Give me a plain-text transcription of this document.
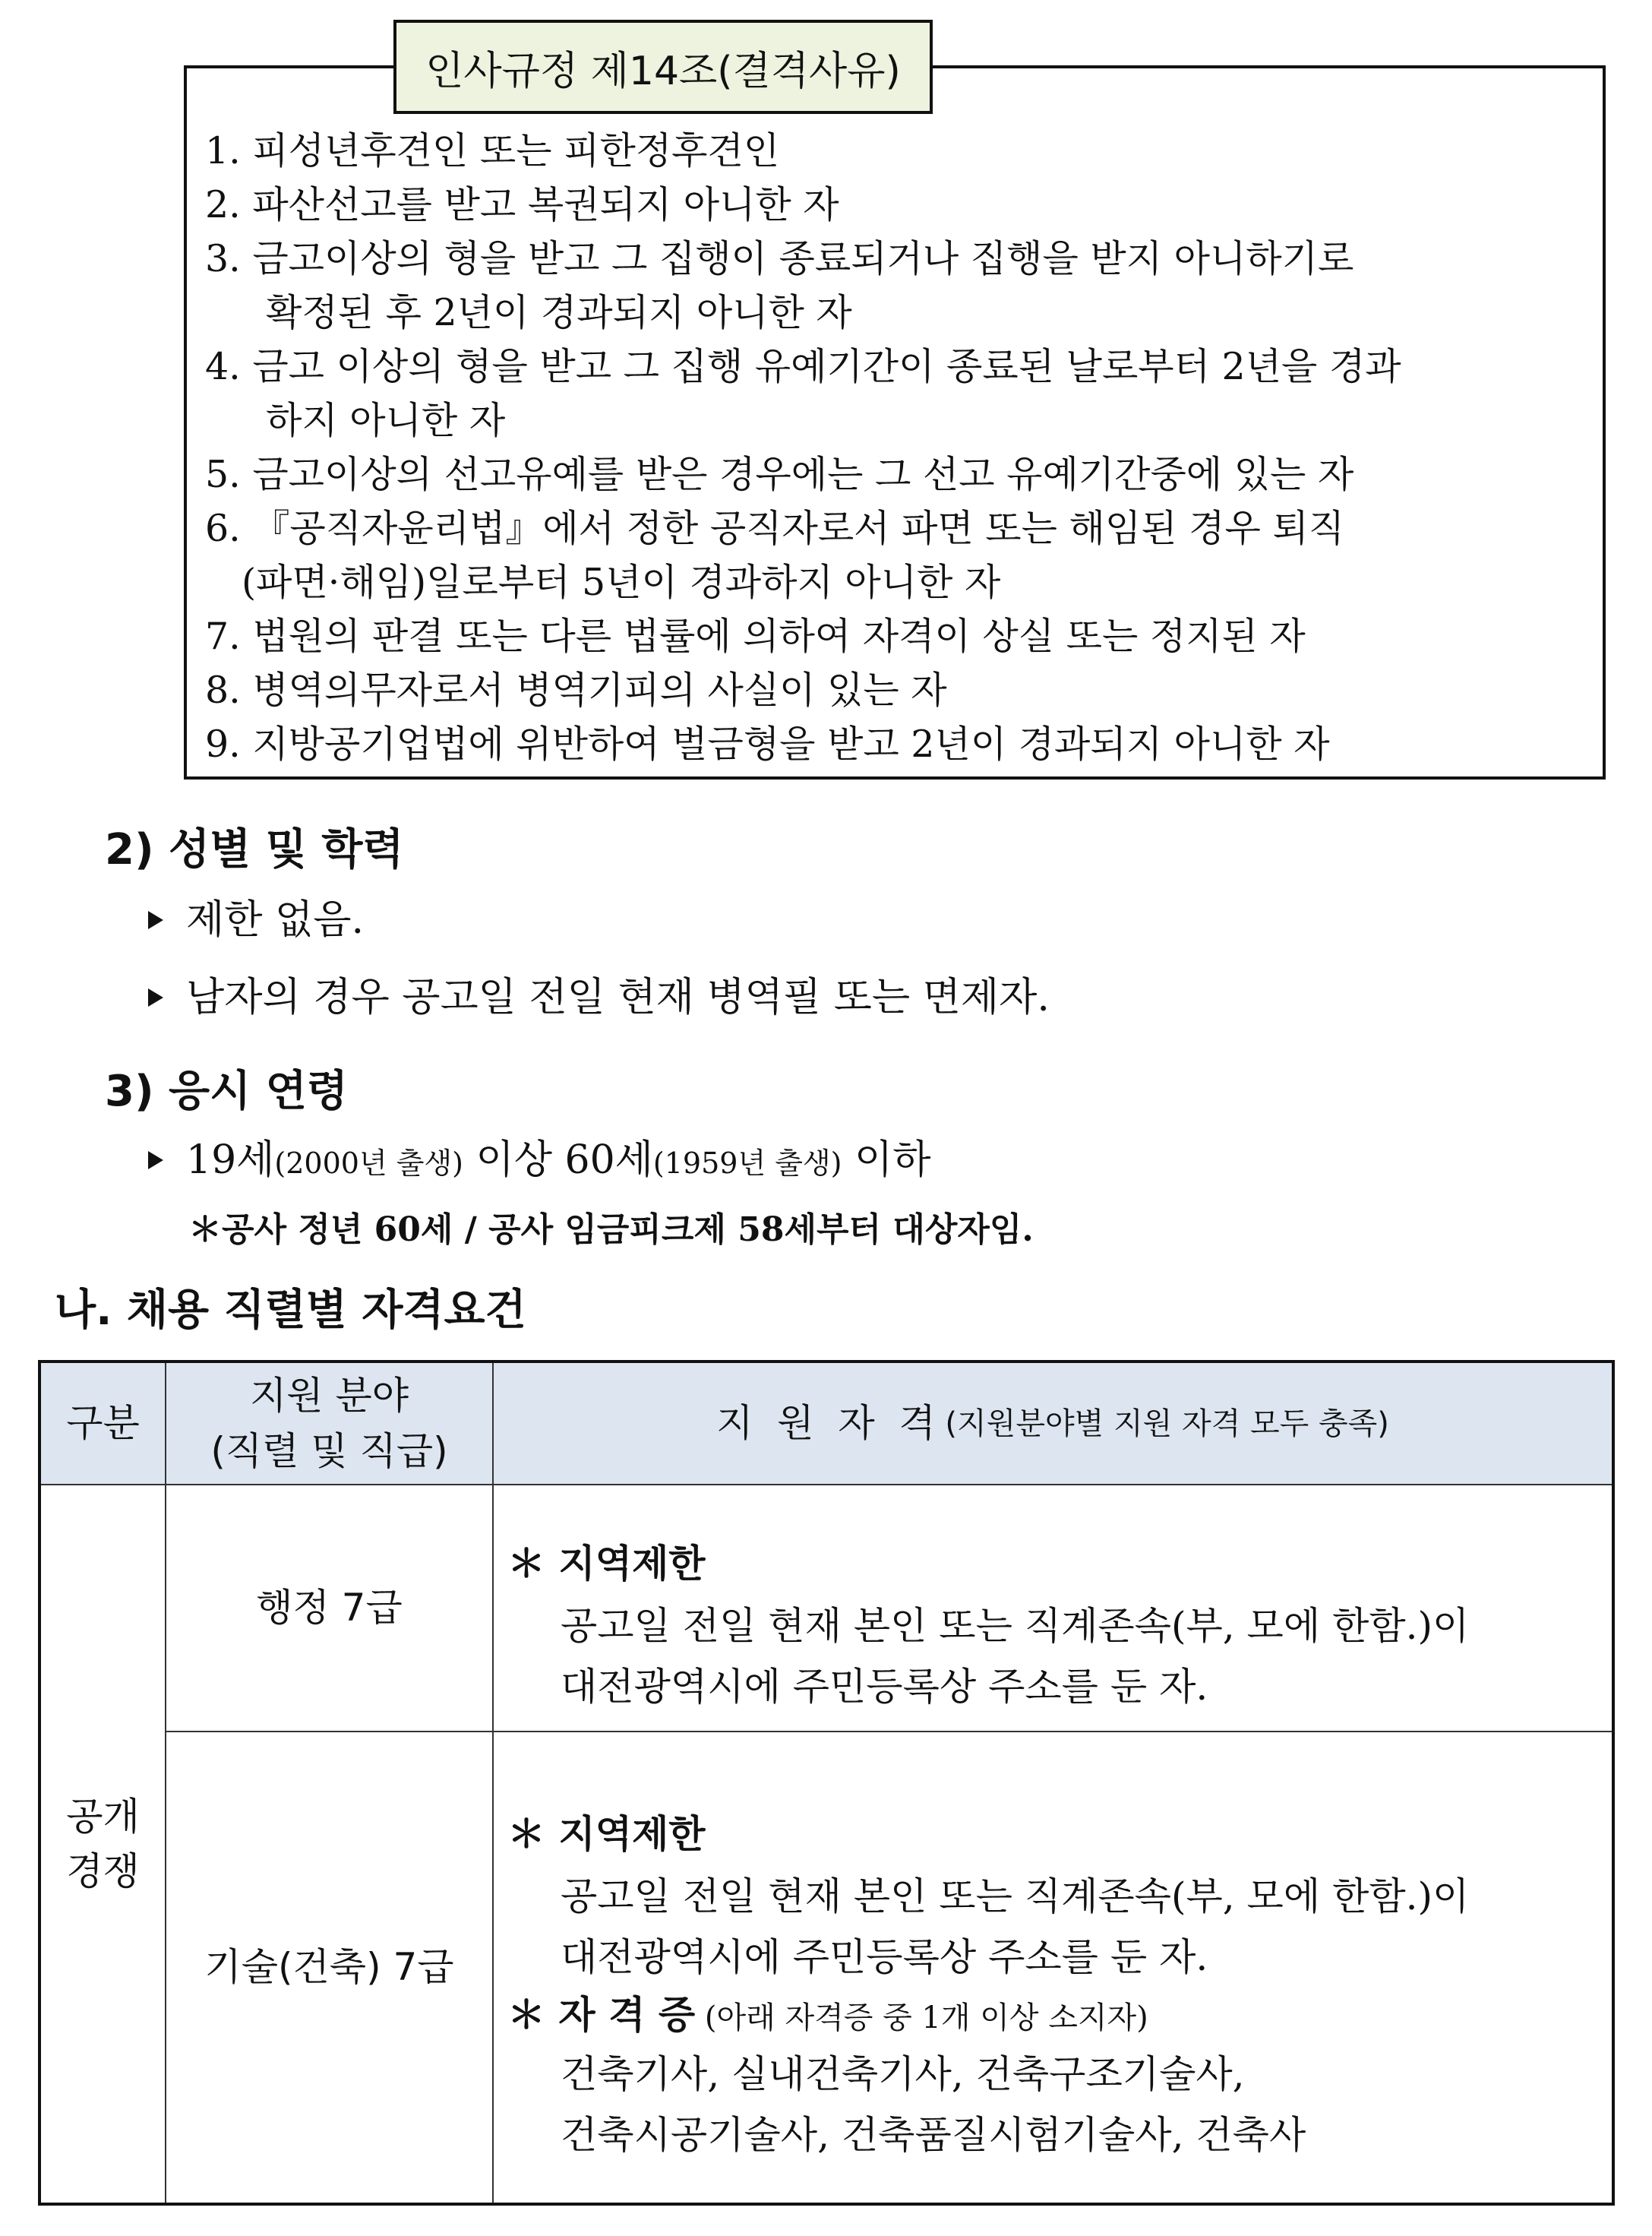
인사규정 제14조(결격사유)
1. 피성년후견인 또는 피한정후견인
2. 파산선고를 받고 복권되지 아니한 자
3. 금고이상의 형을 받고 그 집행이 종료되거나 집행을 받지 아니하기로
확정된 후 2년이 경과되지 아니한 자
4. 금고 이상의 형을 받고 그 집행 유예기간이 종료된 날로부터 2년을 경과
하지 아니한 자
5. 금고이상의 선고유예를 받은 경우에는 그 선고 유예기간중에 있는 자
6. 『공직자윤리법』에서 정한 공직자로서 파면 또는 해임된 경우 퇴직
(파면·해임)일로부터 5년이 경과하지 아니한 자
7. 법원의 판결 또는 다른 법률에 의하여 자격이 상실 또는 정지된 자
8. 병역의무자로서 병역기피의 사실이 있는 자
9. 지방공기업법에 위반하여 벌금형을 받고 2년이 경과되지 아니한 자
2) 성별 및 학력
제한 없음.
남자의 경우 공고일 전일 현재 병역필 또는 면제자.
3) 응시 연령
19세(2000년 출생) 이상 60세(1959년 출생) 이하
＊공사 정년 60세 / 공사 임금피크제 58세부터 대상자임.
나. 채용 직렬별 자격요건
구분
지원 분야
(직렬 및 직급)
지  원  자  격 (지원분야별 지원 자격 모두 충족)
공개
경쟁
행정 7급
＊ 지역제한
공고일 전일 현재 본인 또는 직계존속(부, 모에 한함.)이
대전광역시에 주민등록상 주소를 둔 자.
기술(건축) 7급
＊ 지역제한
공고일 전일 현재 본인 또는 직계존속(부, 모에 한함.)이
대전광역시에 주민등록상 주소를 둔 자.
＊ 자 격 증 (아래 자격증 중 1개 이상 소지자)
건축기사, 실내건축기사, 건축구조기술사,
건축시공기술사, 건축품질시험기술사, 건축사
